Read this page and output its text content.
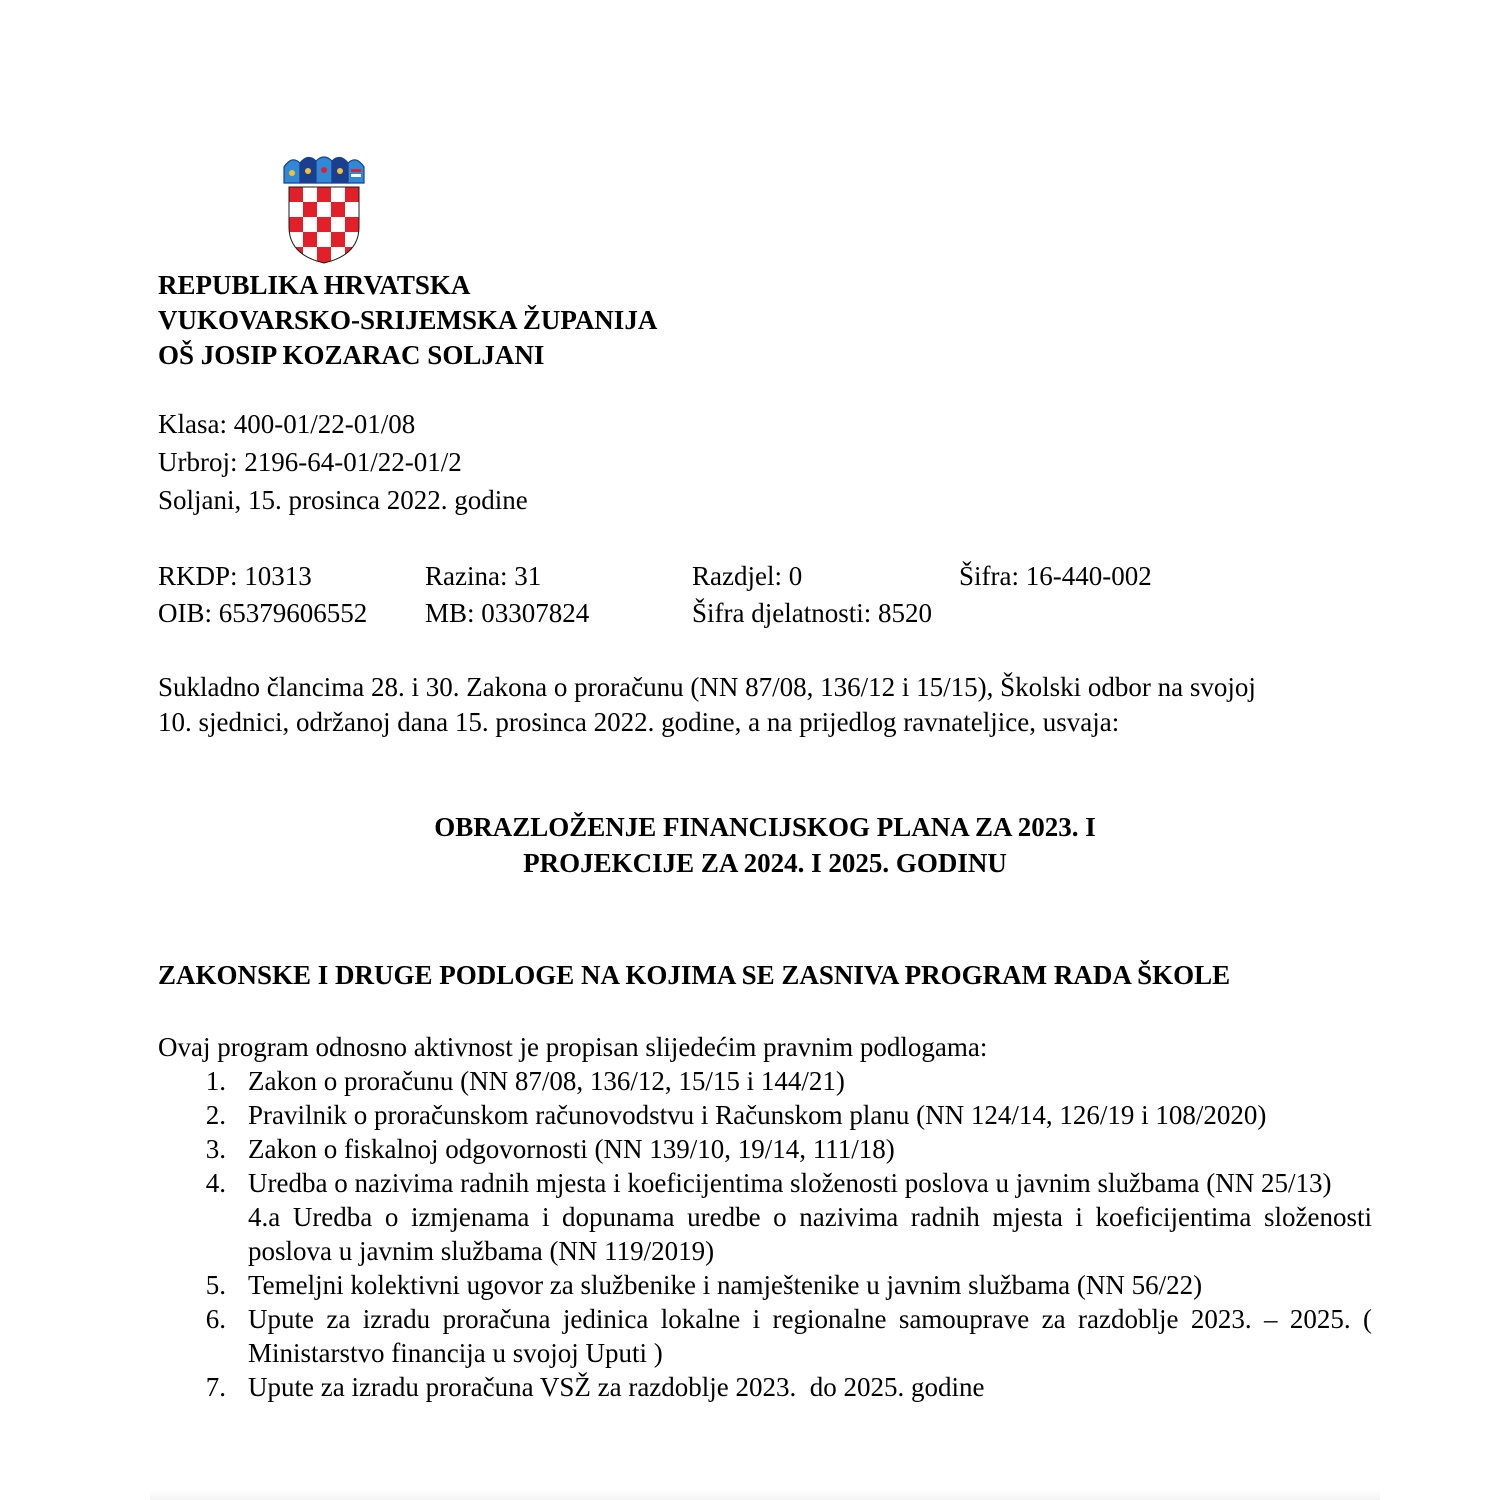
REPUBLIKA HRVATSKA
VUKOVARSKO-SRIJEMSKA ŽUPANIJA
OŠ JOSIP KOZARAC SOLJANI
Klasa: 400-01/22-01/08
Urbroj: 2196-64-01/22-01/2
Soljani, 15. prosinca 2022. godine
RKDP: 10313	Razina: 31	Razdjel: 0	Šifra: 16-440-002
OIB: 65379606552	MB: 03307824	Šifra djelatnosti: 8520
Sukladno člancima 28. i 30. Zakona o proračunu (NN 87/08, 136/12 i 15/15), Školski odbor na svojoj
10. sjednici, održanoj dana 15. prosinca 2022. godine, a na prijedlog ravnateljice, usvaja:
OBRAZLOŽENJE FINANCIJSKOG PLANA ZA 2023. I
PROJEKCIJE ZA 2024. I 2025. GODINU
ZAKONSKE I DRUGE PODLOGE NA KOJIMA SE ZASNIVA PROGRAM RADA ŠKOLE
Ovaj program odnosno aktivnost je propisan slijedećim pravnim podlogama:
1. Zakon o proračunu (NN 87/08, 136/12, 15/15 i 144/21)
2. Pravilnik o proračunskom računovodstvu i Računskom planu (NN 124/14, 126/19 i 108/2020)
3. Zakon o fiskalnoj odgovornosti (NN 139/10, 19/14, 111/18)
4. Uredba o nazivima radnih mjesta i koeficijentima složenosti poslova u javnim službama (NN 25/13)
4.a Uredba o izmjenama i dopunama uredbe o nazivima radnih mjesta i koeficijentima složenosti poslova u javnim službama (NN 119/2019)
5. Temeljni kolektivni ugovor za službenike i namještenike u javnim službama (NN 56/22)
6. Upute za izradu proračuna jedinica lokalne i regionalne samouprave za razdoblje 2023. – 2025. ( Ministarstvo financija u svojoj Uputi )
7. Upute za izradu proračuna VSŽ za razdoblje 2023.  do 2025. godine
